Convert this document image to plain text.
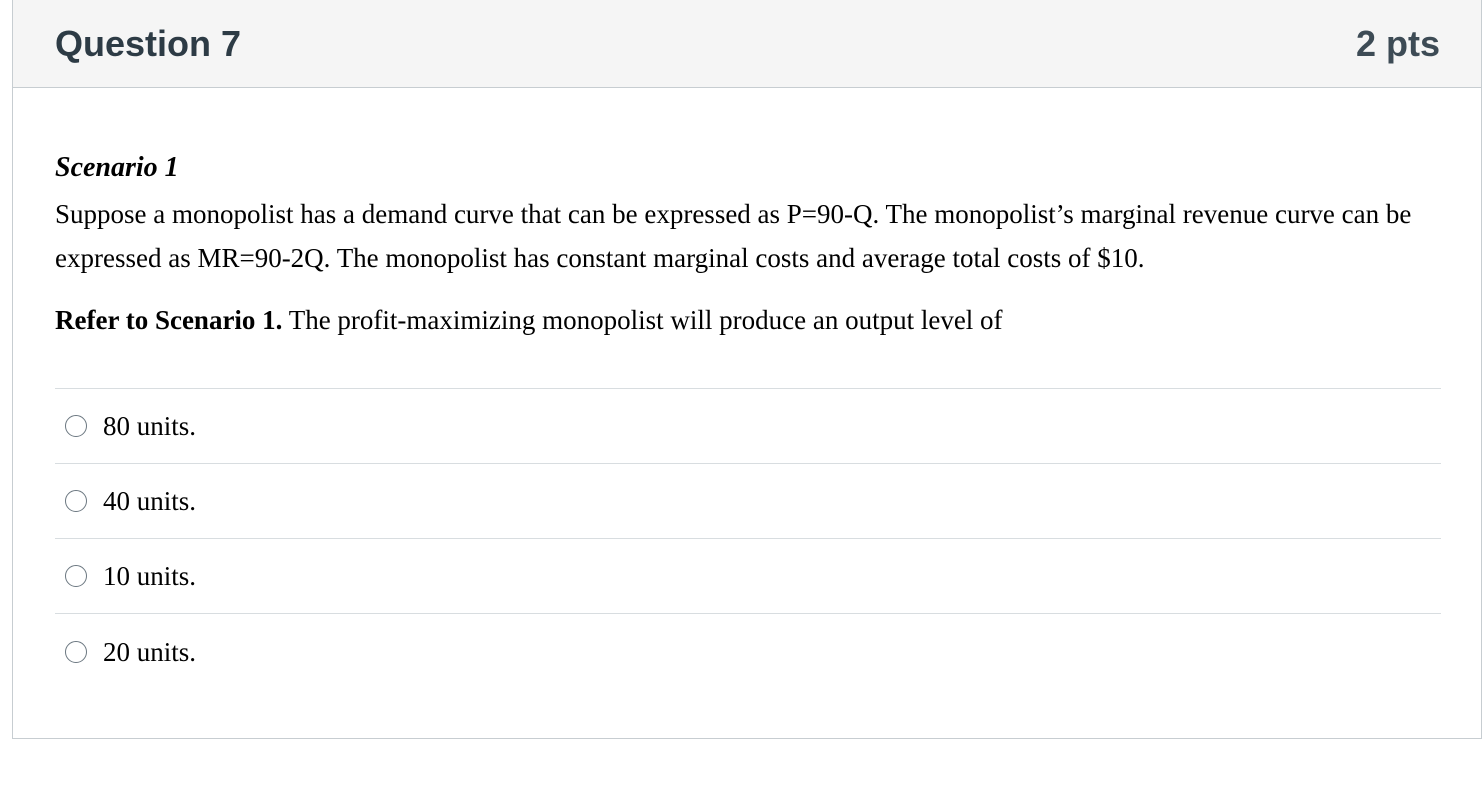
Question 7	2 pts

Scenario 1

Suppose a monopolist has a demand curve that can be expressed as P=90-Q. The monopolist’s marginal revenue curve can be expressed as MR=90-2Q. The monopolist has constant marginal costs and average total costs of $10.

Refer to Scenario 1. The profit-maximizing monopolist will produce an output level of

80 units.
40 units.
10 units.
20 units.
